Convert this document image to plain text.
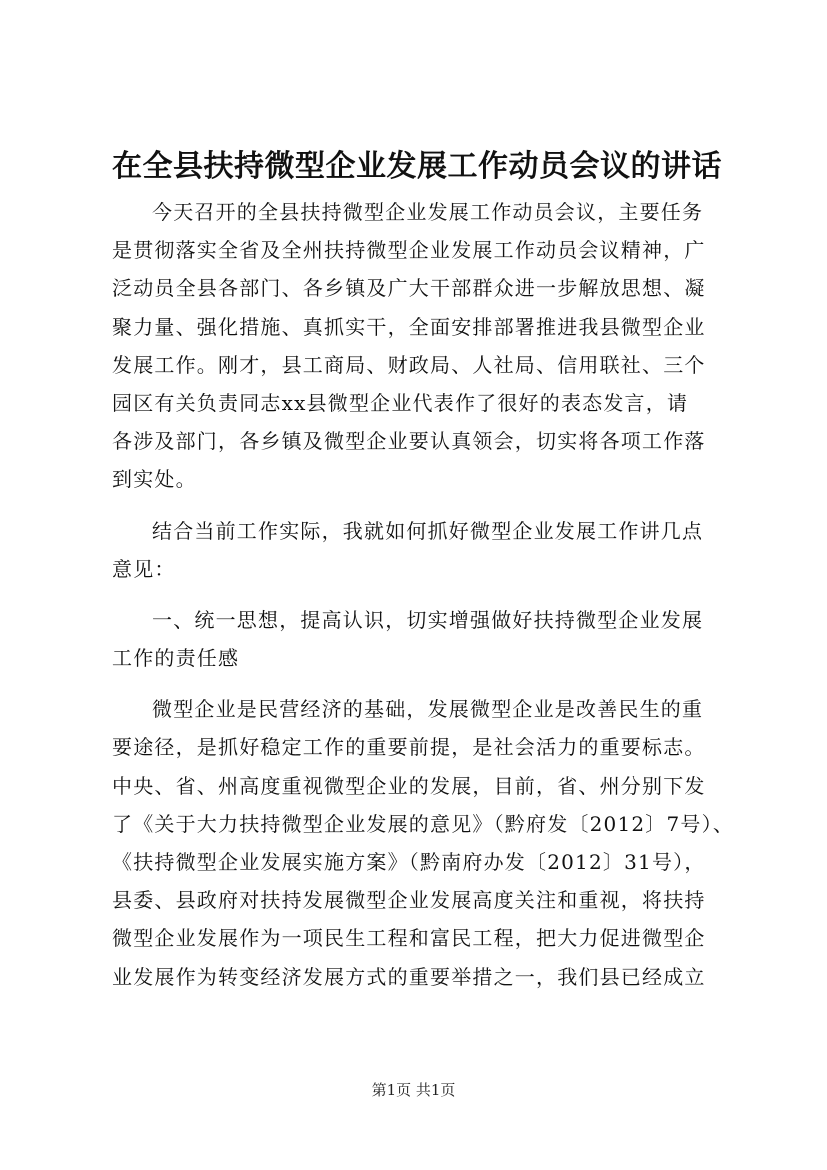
在全县扶持微型企业发展工作动员会议的讲话
今天召开的全县扶持微型企业发展工作动员会议，主要任务
是贯彻落实全省及全州扶持微型企业发展工作动员会议精神，广
泛动员全县各部门、各乡镇及广大干部群众进一步解放思想、凝
聚力量、强化措施、真抓实干，全面安排部署推进我县微型企业
发展工作。刚才，县工商局、财政局、人社局、信用联社、三个
园区有关负责同志xx县微型企业代表作了很好的表态发言，请
各涉及部门，各乡镇及微型企业要认真领会，切实将各项工作落
到实处。
结合当前工作实际，我就如何抓好微型企业发展工作讲几点
意见：
一、统一思想，提高认识，切实增强做好扶持微型企业发展
工作的责任感
微型企业是民营经济的基础，发展微型企业是改善民生的重
要途径，是抓好稳定工作的重要前提，是社会活力的重要标志。
中央、省、州高度重视微型企业的发展，目前，省、州分别下发
了《关于大力扶持微型企业发展的意见》（黔府发〔2012〕7号）、
《扶持微型企业发展实施方案》（黔南府办发〔2012〕31号），
县委、县政府对扶持发展微型企业发展高度关注和重视，将扶持
微型企业发展作为一项民生工程和富民工程，把大力促进微型企
业发展作为转变经济发展方式的重要举措之一，我们县已经成立
第1页 共1页
